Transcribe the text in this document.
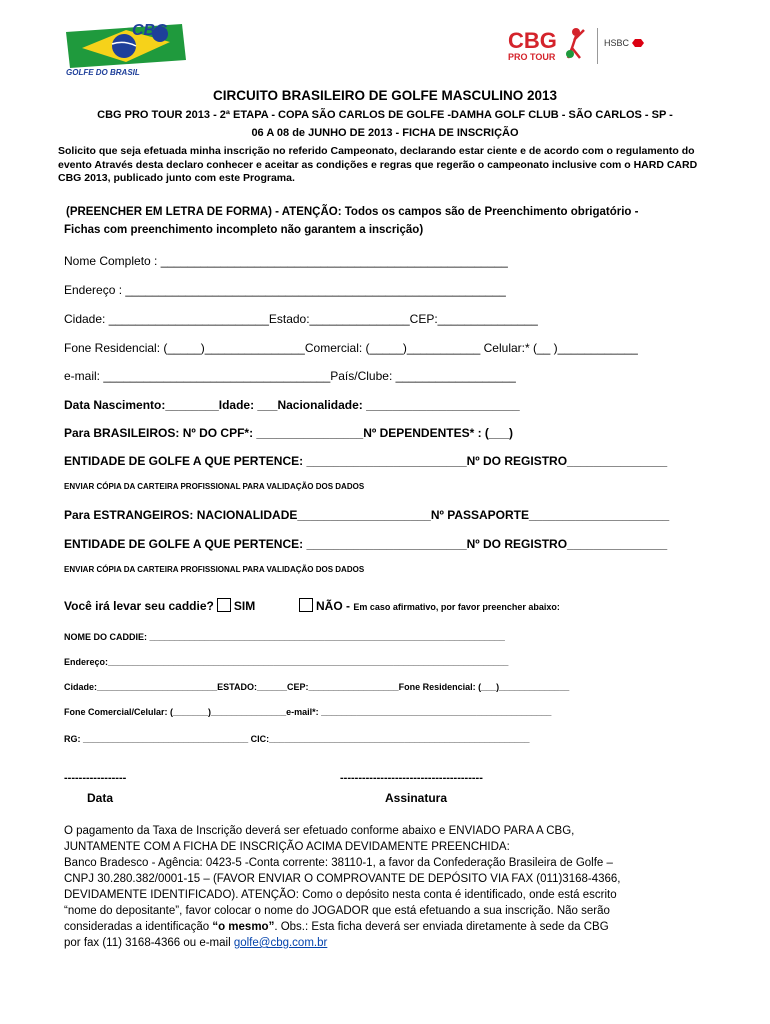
CBG
GOLFE DO BRASIL
CBG
PRO TOUR
HSBC
CIRCUITO BRASILEIRO DE GOLFE MASCULINO 2013
CBG PRO TOUR 2013 - 2ª ETAPA - COPA SÃO CARLOS DE GOLFE -DAMHA GOLF CLUB - SÃO CARLOS - SP -
06 A 08 de JUNHO DE 2013 - FICHA DE INSCRIÇÃO
Solicito que seja efetuada minha inscrição no referido Campeonato, declarando estar ciente e de acordo com o regulamento do evento Através desta declaro conhecer e aceitar as condições e regras que regerão o campeonato inclusive com o HARD CARD CBG 2013, publicado junto com este Programa.
(PREENCHER EM LETRA DE FORMA) - ATENÇÃO: Todos os campos são de Preenchimento obrigatório -
Fichas com preenchimento incompleto não garantem a inscrição)
Nome Completo : ____________________________________________________
Endereço : _________________________________________________________
Cidade: ________________________Estado:_______________CEP:_______________
Fone Residencial: (_____)_______________Comercial: (_____)___________ Celular:* (__ )____________
e-mail: __________________________________País/Clube: __________________
Data Nascimento:________Idade: ___Nacionalidade: _______________________
Para BRASILEIROS: Nº DO CPF*: ________________Nº DEPENDENTES* : (___)
ENTIDADE DE GOLFE A QUE PERTENCE: ________________________Nº DO REGISTRO_______________
ENVIAR CÓPIA DA CARTEIRA PROFISSIONAL PARA VALIDAÇÃO DOS DADOS
Para ESTRANGEIROS: NACIONALIDADE____________________Nº PASSAPORTE_____________________
ENTIDADE DE GOLFE A QUE PERTENCE: ________________________Nº DO REGISTRO_______________
ENVIAR CÓPIA DA CARTEIRA PROFISSIONAL PARA VALIDAÇÃO DOS DADOS
Você irá levar seu caddie? SIM	NÃO - Em caso afirmativo, por favor preencher abaixo:
NOME DO CADDIE: _______________________________________________________________________
Endereço:________________________________________________________________________________
Cidade:________________________ESTADO:______CEP:__________________Fone Residencial: (___)______________
Fone Comercial/Celular: (_______)_______________e-mail*: ______________________________________________
RG: _________________________________ CIC:____________________________________________________
-----------------
Data
---------------------------------------
Assinatura
O pagamento da Taxa de Inscrição deverá ser efetuado conforme abaixo e ENVIADO PARA A CBG,
JUNTAMENTE COM A FICHA DE INSCRIÇÃO ACIMA DEVIDAMENTE PREENCHIDA:
Banco Bradesco - Agência: 0423-5 -Conta corrente: 38110-1, a favor da Confederação Brasileira de Golfe –
CNPJ 30.280.382/0001-15 – (FAVOR ENVIAR O COMPROVANTE DE DEPÓSITO VIA FAX (011)3168-4366,
DEVIDAMENTE IDENTIFICADO). ATENÇÃO: Como o depósito nesta conta é identificado, onde está escrito
“nome do depositante”, favor colocar o nome do JOGADOR que está efetuando a sua inscrição. Não serão
consideradas a identificação “o mesmo”. Obs.: Esta ficha deverá ser enviada diretamente à sede da CBG
por fax (11) 3168-4366 ou e-mail golfe@cbg.com.br
